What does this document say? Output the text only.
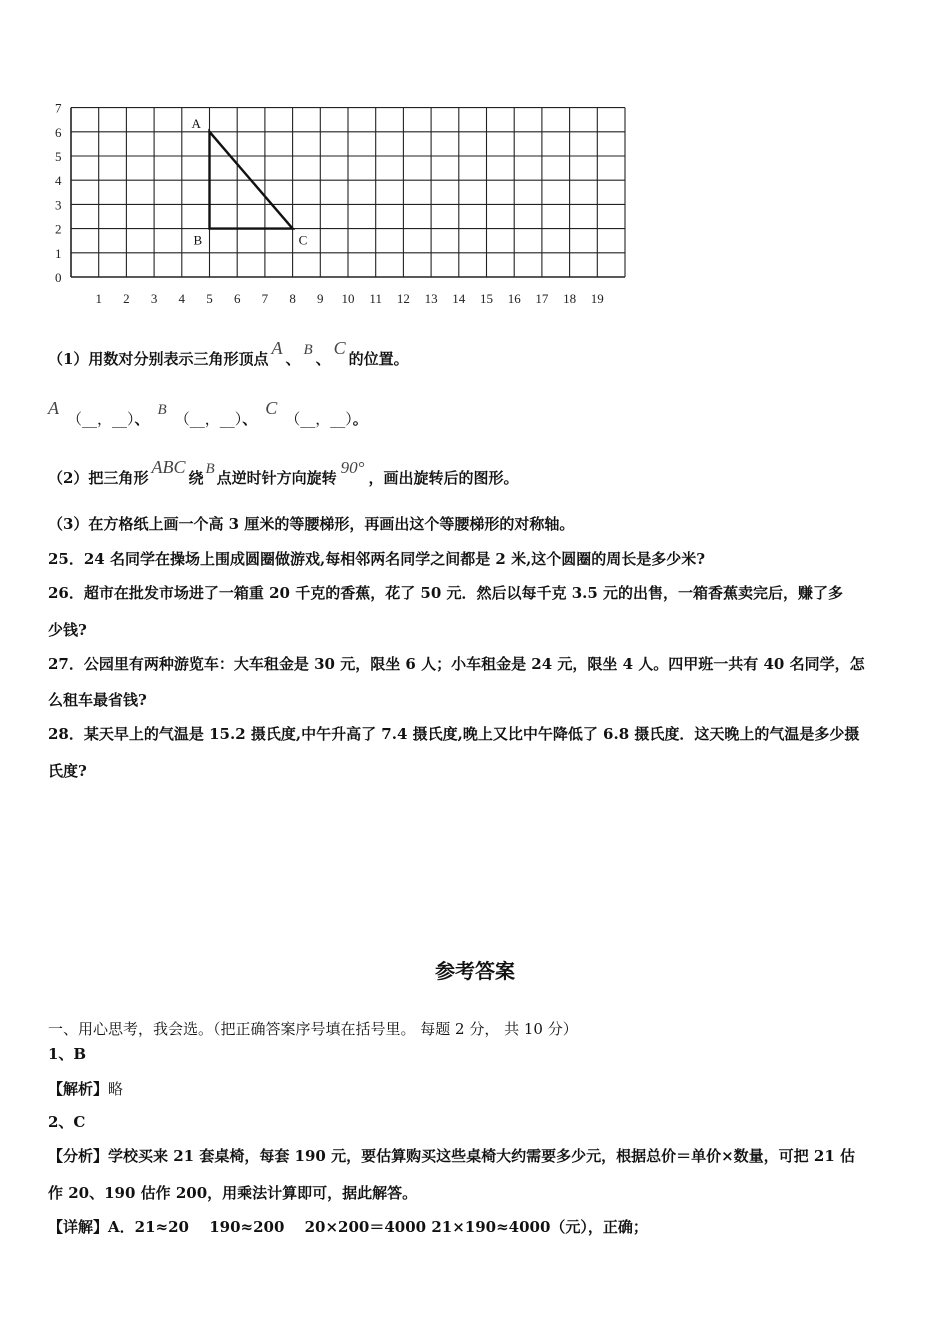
0
1
2
3
4
5
6
7
1 2 3 4 5 6 7 8 9 10 11 12 13 14 15 16 17 18 19
A
B	C
（1）用数对分别表示三角形顶点A、 B 、C的位置。
A（__，__）、 B （__，__）、C（__，__）。
（2）把三角形ABC绕 B 点逆时针方向旋转90°，画出旋转后的图形。
（3）在方格纸上画一个高 3 厘米的等腰梯形，再画出这个等腰梯形的对称轴。
25．24 名同学在操场上围成圆圈做游戏,每相邻两名同学之间都是 2 米,这个圆圈的周长是多少米?
26．超市在批发市场进了一箱重 20 千克的香蕉，花了 50 元．然后以每千克 3.5 元的出售，一箱香蕉卖完后，赚了多
少钱?
27．公园里有两种游览车：大车租金是 30 元，限坐 6 人；小车租金是 24 元，限坐 4 人。四甲班一共有 40 名同学，怎
么租车最省钱?
28．某天早上的气温是 15.2 摄氏度,中午升高了 7.4 摄氏度,晚上又比中午降低了 6.8 摄氏度．这天晚上的气温是多少摄
氏度?
参考答案
一、用心思考，我会选。（把正确答案序号填在括号里。 每题 2 分， 共 10 分）
1、B
【解析】略
2、C
【分析】学校买来 21 套桌椅，每套 190 元，要估算购买这些桌椅大约需要多少元，根据总价＝单价×数量，可把 21 估
作 20、190 估作 200，用乘法计算即可，据此解答。
【详解】A．21≈20　 190≈200　 20×200＝4000 21×190≈4000（元），正确；
